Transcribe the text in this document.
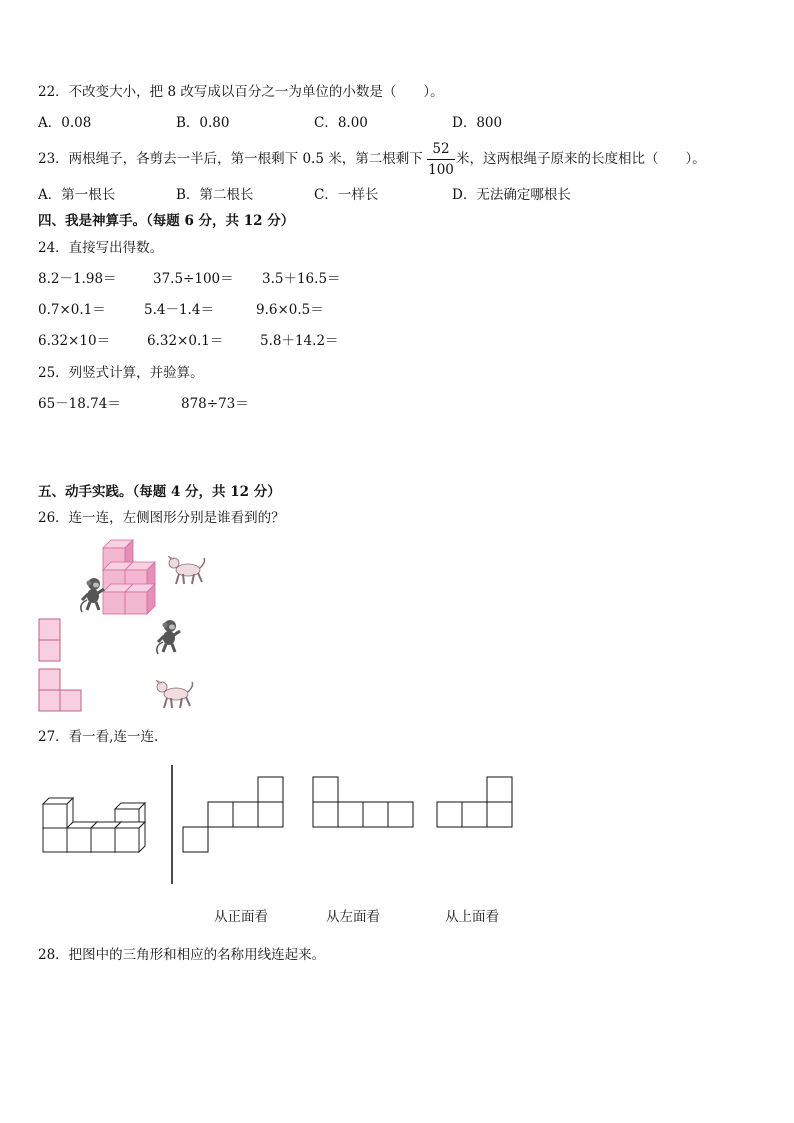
22．不改变大小，把 8 改写成以百分之一为单位的小数是（　　）。
A．0.08	B．0.80	C．8.00	D．800
23．两根绳子，各剪去一半后，第一根剩下 0.5 米，第二根剩下
52
100
米，这两根绳子原来的长度相比（　　）。
A．第一根长	B．第二根长	C．一样长	D．无法确定哪根长
四、我是神算手。（每题 6 分，共 12 分）
24．直接写出得数。
8.2－1.98＝	37.5÷100＝ 3.5＋16.5＝
0.7×0.1＝	5.4－1.4＝	9.6×0.5＝
6.32×10＝	6.32×0.1＝	5.8＋14.2＝
25．列竖式计算，并验算。
65－18.74＝	878÷73＝
五、动手实践。（每题 4 分，共 12 分）
26．连一连，左侧图形分别是谁看到的？
27．看一看,连一连.
从正面看	从左面看	从上面看
28．把图中的三角形和相应的名称用线连起来。
